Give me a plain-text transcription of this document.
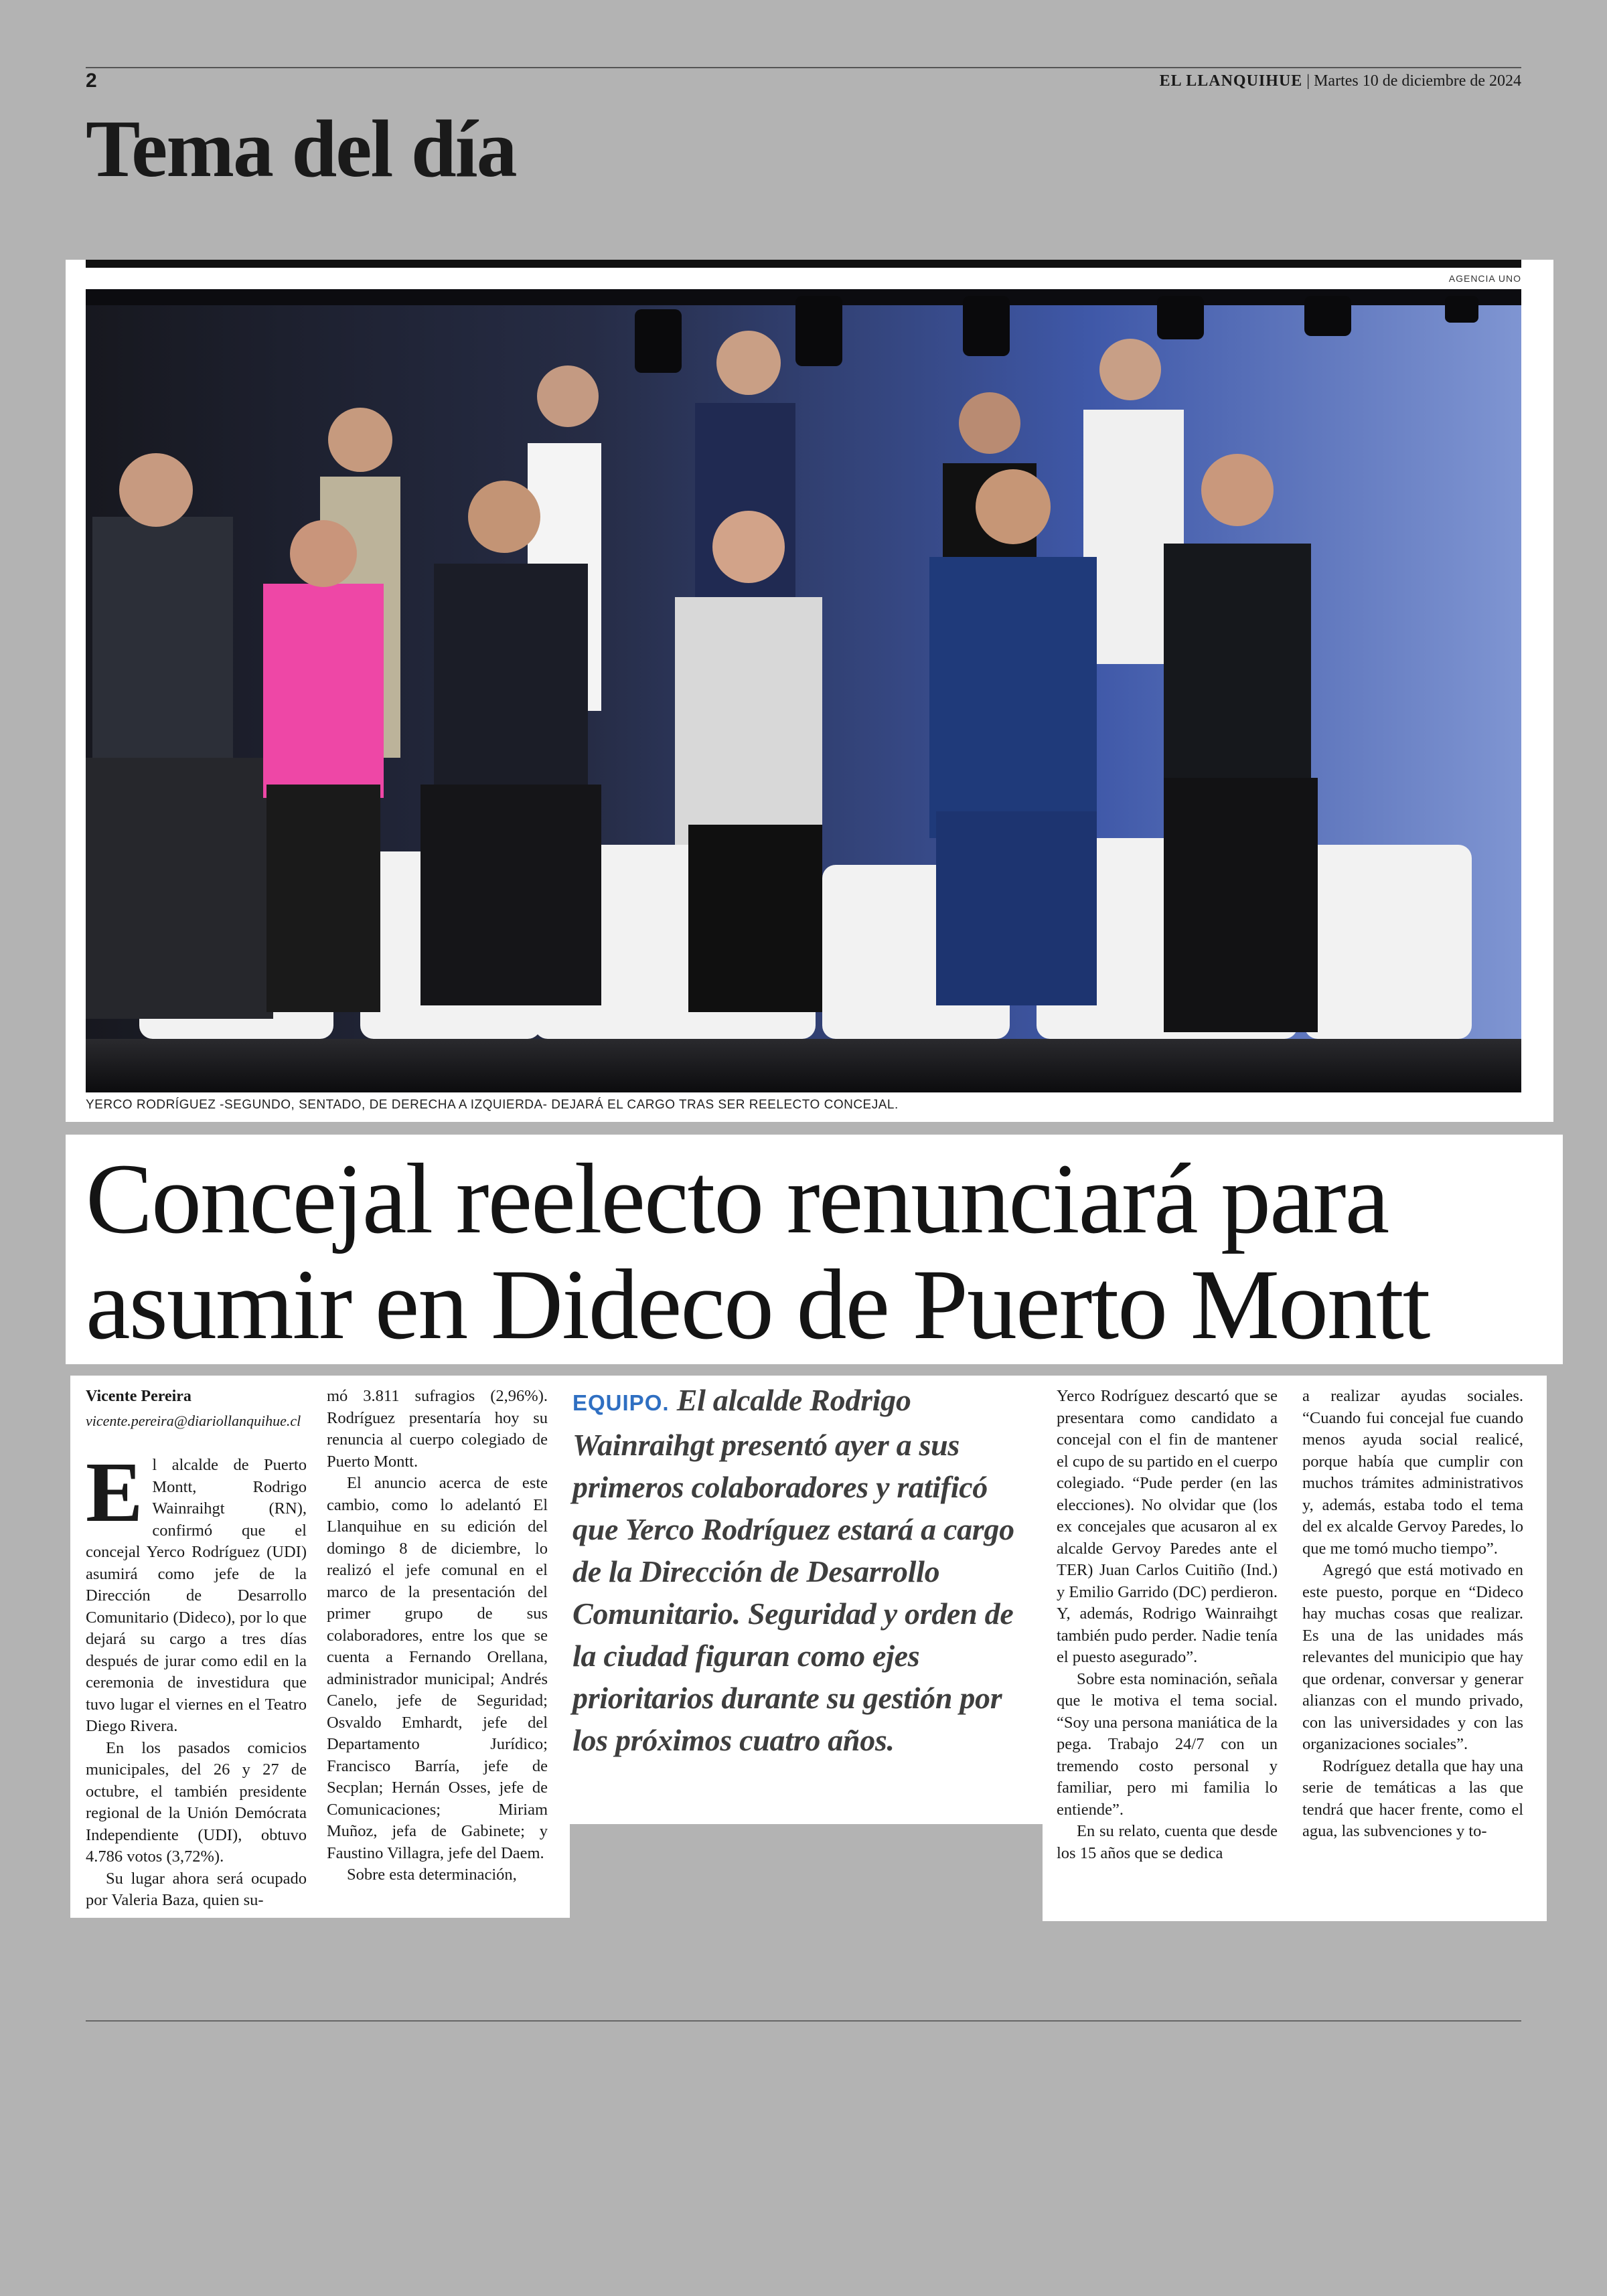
2	EL LLANQUIHUE | Martes 10 de diciembre de 2024
Tema del día
AGENCIA UNO
YERCO RODRÍGUEZ -SEGUNDO, SENTADO, DE DERECHA A IZQUIERDA- DEJARÁ EL CARGO TRAS SER REELECTO CONCEJAL.
Concejal reelecto renunciará para asumir en Dideco de Puerto Montt
Vicente Pereira
vicente.pereira@diariollanquihue.cl

El alcalde de Puerto Montt, Rodrigo Wainraihgt (RN), confirmó que el concejal Yerco Rodríguez (UDI) asumirá como jefe de la Dirección de Desarrollo Comunitario (Dideco), por lo que dejará su cargo a tres días después de jurar como edil en la ceremonia de investidura que tuvo lugar el viernes en el Teatro Diego Rivera.

En los pasados comicios municipales, del 26 y 27 de octubre, el también presidente regional de la Unión Demócrata Independiente (UDI), obtuvo 4.786 votos (3,72%).

Su lugar ahora será ocupado por Valeria Baza, quien su-

mó 3.811 sufragios (2,96%). Rodríguez presentaría hoy su renuncia al cuerpo colegiado de Puerto Montt.

El anuncio acerca de este cambio, como lo adelantó El Llanquihue en su edición del domingo 8 de diciembre, lo realizó el jefe comunal en el marco de la presentación del primer grupo de sus colaboradores, entre los que se cuenta a Fernando Orellana, administrador municipal; Andrés Canelo, jefe de Seguridad; Osvaldo Emhardt, jefe del Departamento Jurídico; Francisco Barría, jefe de Secplan; Hernán Osses, jefe de Comunicaciones; Miriam Muñoz, jefa de Gabinete; y Faustino Villagra, jefe del Daem.

Sobre esta determinación,

EQUIPO. El alcalde Rodrigo Wainraihgt presentó ayer a sus primeros colaboradores y ratificó que Yerco Rodríguez estará a cargo de la Dirección de Desarrollo Comunitario. Seguridad y orden de la ciudad figuran como ejes prioritarios durante su gestión por los próximos cuatro años.

Yerco Rodríguez descartó que se presentara como candidato a concejal con el fin de mantener el cupo de su partido en el cuerpo colegiado. “Pude perder (en las elecciones). No olvidar que (los ex concejales que acusaron al ex alcalde Gervoy Paredes ante el TER) Juan Carlos Cuitiño (Ind.) y Emilio Garrido (DC) perdieron. Y, además, Rodrigo Wainraihgt también pudo perder. Nadie tenía el puesto asegurado”.

Sobre esta nominación, señala que le motiva el tema social. “Soy una persona maniática de la pega. Trabajo 24/7 con un tremendo costo personal y familiar, pero mi familia lo entiende”.

En su relato, cuenta que desde los 15 años que se dedica

a realizar ayudas sociales. “Cuando fui concejal fue cuando menos ayuda social realicé, porque había que cumplir con muchos trámites administrativos y, además, estaba todo el tema del ex alcalde Gervoy Paredes, lo que me tomó mucho tiempo”.

Agregó que está motivado en este puesto, porque en “Dideco hay muchas cosas que realizar. Es una de las unidades más relevantes del municipio que hay que ordenar, conversar y generar alianzas con el mundo privado, con las universidades y con las organizaciones sociales”.

Rodríguez detalla que hay una serie de temáticas a las que tendrá que hacer frente, como el agua, las subvenciones y to-
